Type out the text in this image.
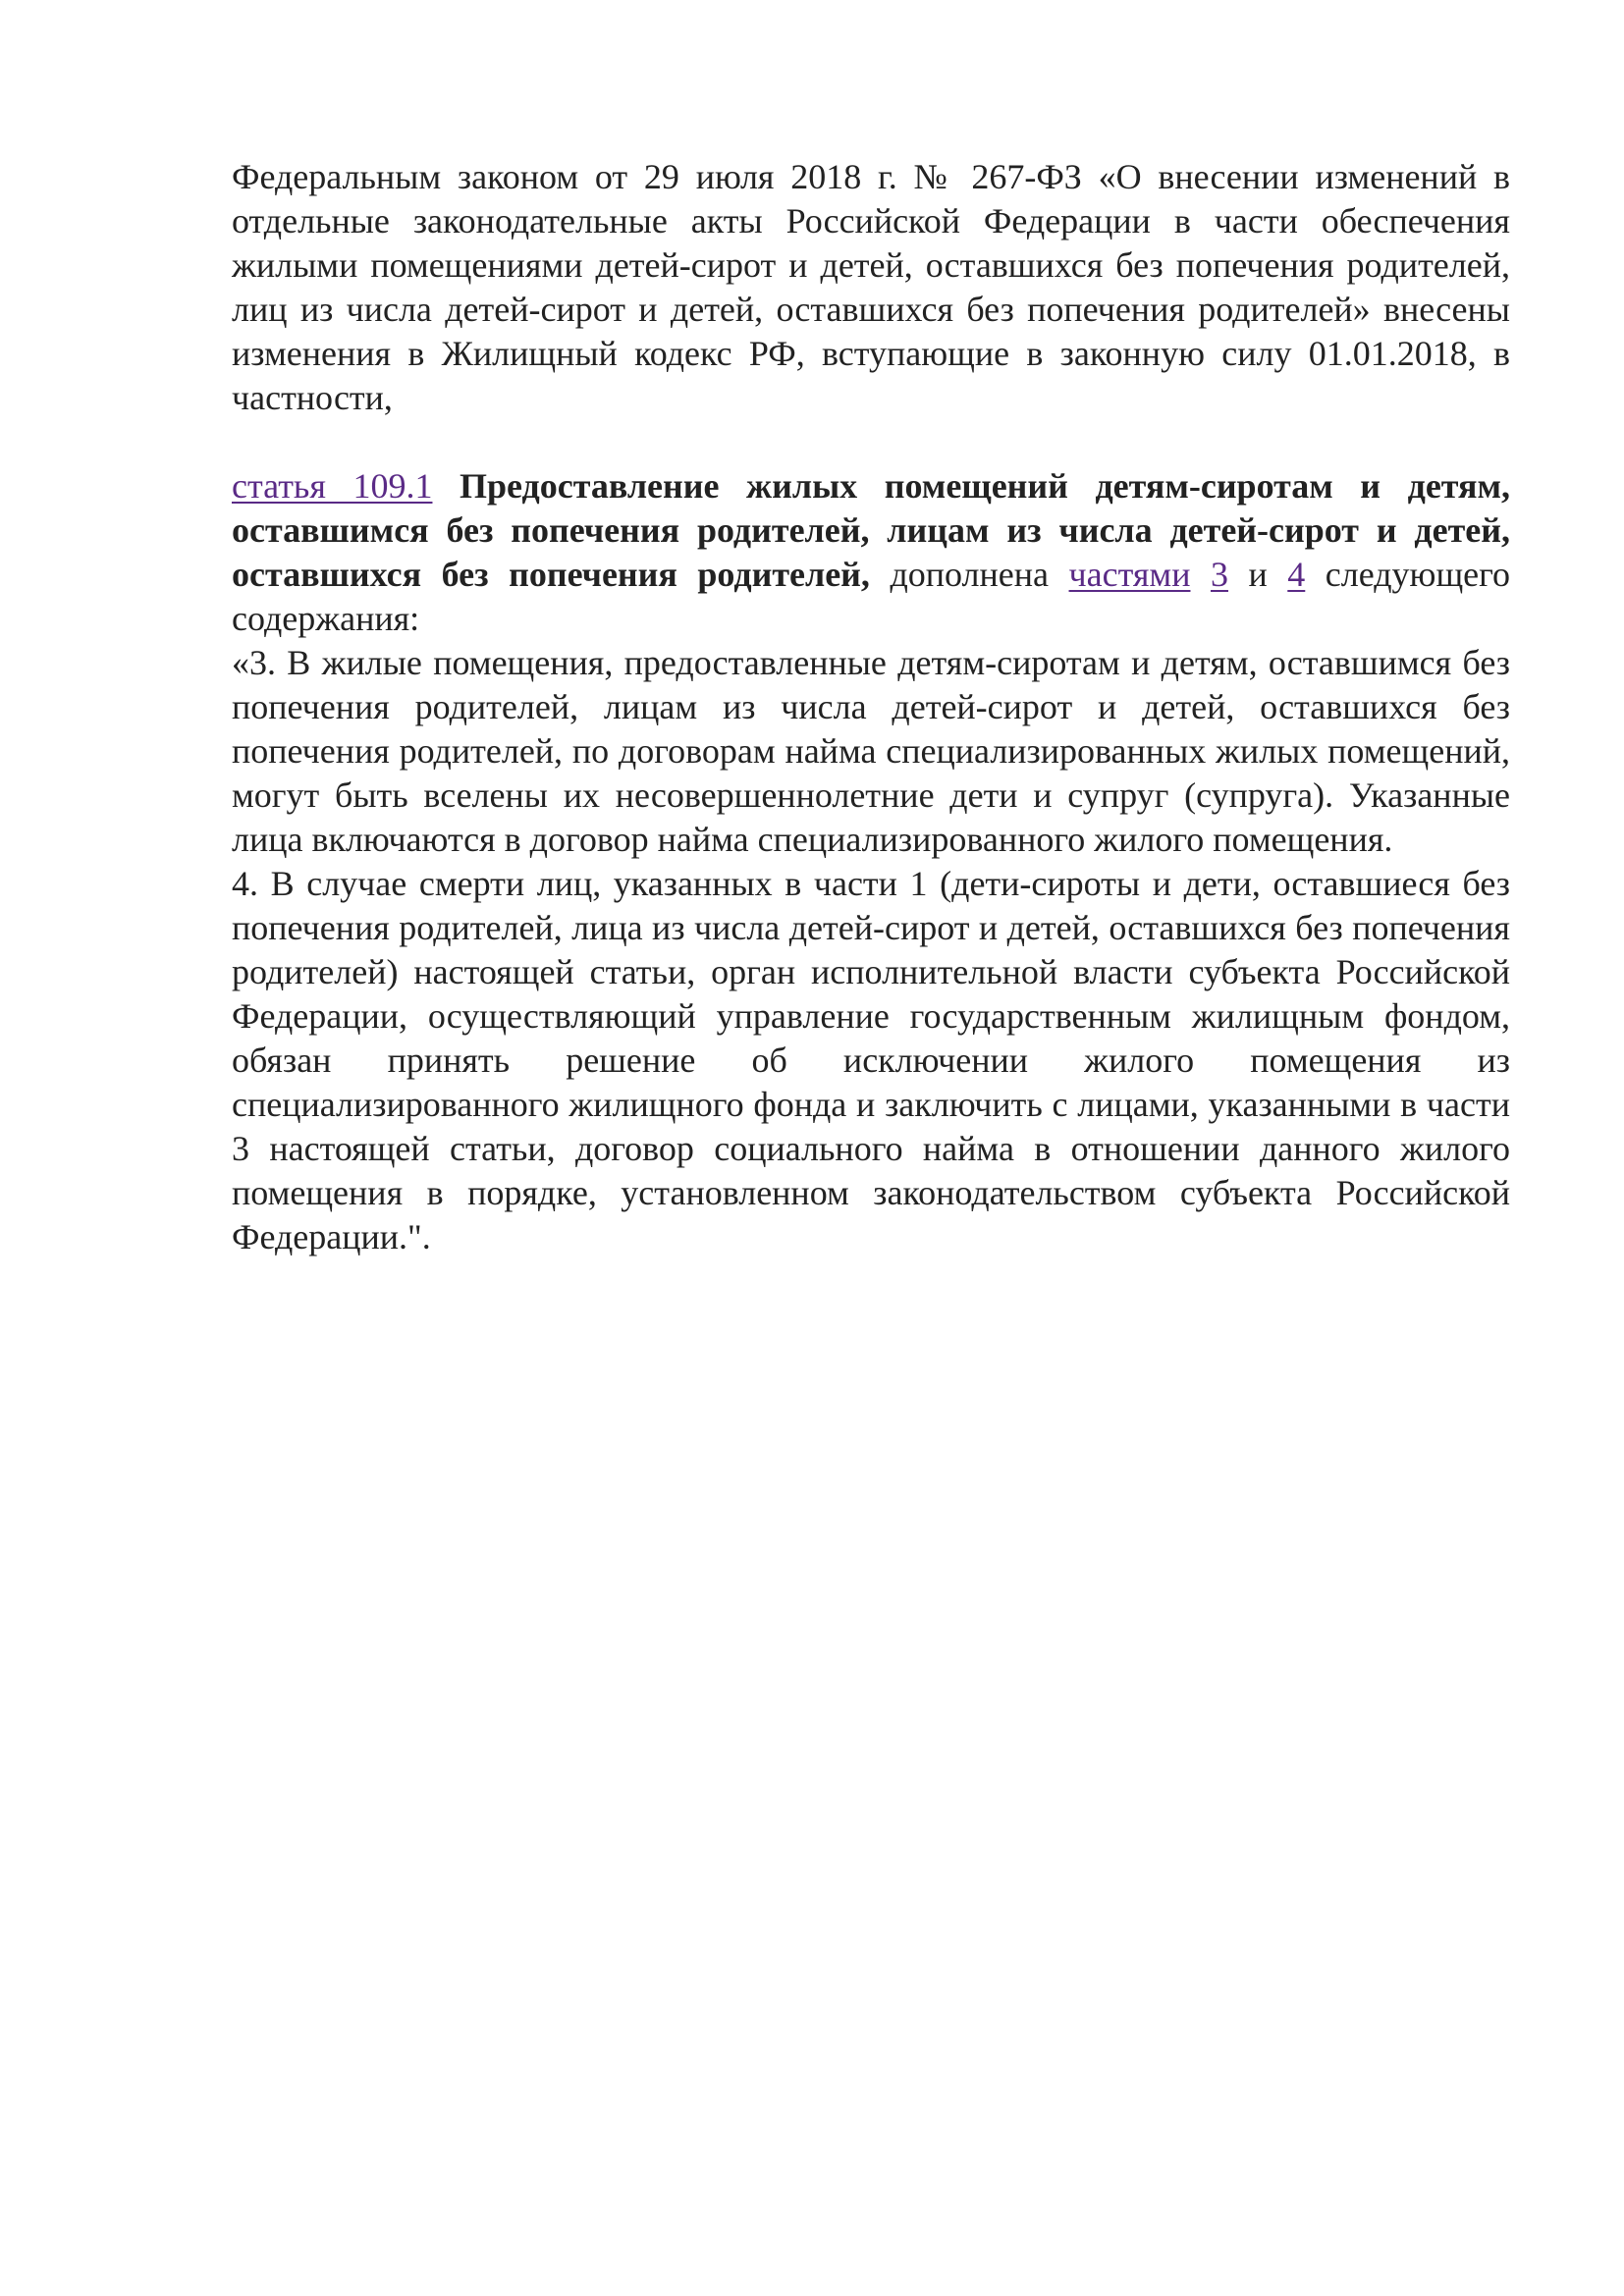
Федеральным законом от 29 июля 2018 г. № 267-ФЗ «О внесении изменений в отдельные законодательные акты Российской Федерации в части обеспечения жилыми помещениями детей-сирот и детей, оставшихся без попечения родителей, лиц из числа детей-сирот и детей, оставшихся без попечения родителей» внесены изменения в Жилищный кодекс РФ, вступающие в законную силу 01.01.2018, в частности,

статья 109.1 Предоставление жилых помещений детям-сиротам и детям, оставшимся без попечения родителей, лицам из числа детей-сирот и детей, оставшихся без попечения родителей, дополнена частями 3 и 4 следующего содержания:

«3. В жилые помещения, предоставленные детям-сиротам и детям, оставшимся без попечения родителей, лицам из числа детей-сирот и детей, оставшихся без попечения родителей, по договорам найма специализированных жилых помещений, могут быть вселены их несовершеннолетние дети и супруг (супруга). Указанные лица включаются в договор найма специализированного жилого помещения.

4. В случае смерти лиц, указанных в части 1 (дети-сироты и дети, оставшиеся без попечения родителей, лица из числа детей-сирот и детей, оставшихся без попечения родителей) настоящей статьи, орган исполнительной власти субъекта Российской Федерации, осуществляющий управление государственным жилищным фондом, обязан принять решение об исключении жилого помещения из специализированного жилищного фонда и заключить с лицами, указанными в части 3 настоящей статьи, договор социального найма в отношении данного жилого помещения в порядке, установленном законодательством субъекта Российской Федерации.".
